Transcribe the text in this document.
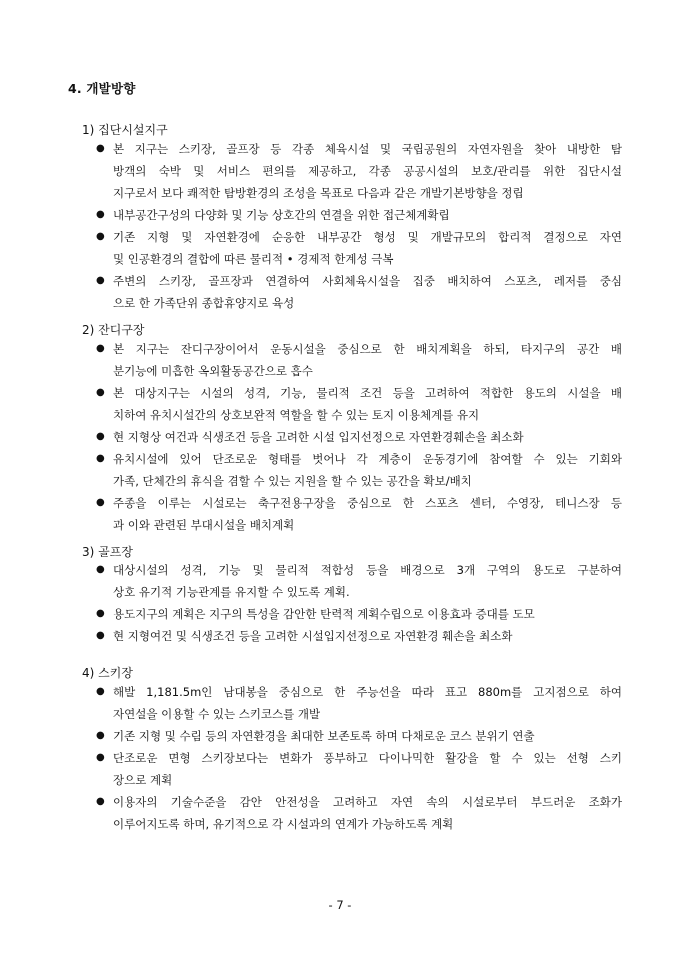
4. 개발방향
1) 집단시설지구
● 본 지구는 스키장, 골프장 등 각종 체육시설 및 국립공원의 자연자원을 찾아 내방한 탐
방객의 숙박 및 서비스 편의를 제공하고, 각종 공공시설의 보호/관리를 위한 집단시설
지구로서 보다 쾌적한 탐방환경의 조성을 목표로 다음과 같은 개발기본방향을 정립
● 내부공간구성의 다양화 및 기능 상호간의 연결을 위한 접근체계확립
● 기존 지형 및 자연환경에 순응한 내부공간 형성 및 개발규모의 합리적 결정으로 자연
및 인공환경의 결합에 따른 물리적 • 경제적 한계성 극복
● 주변의 스키장, 골프장과 연결하여 사회체육시설을 집중 배치하여 스포츠, 레저를 중심
으로 한 가족단위 종합휴양지로 육성
2) 잔디구장
● 본 지구는 잔디구장이어서 운동시설을 중심으로 한 배치계획을 하되, 타지구의 공간 배
분기능에 미흡한 옥외활동공간으로 흡수
● 본 대상지구는 시설의 성격, 기능, 물리적 조건 등을 고려하여 적합한 용도의 시설을 배
치하여 유치시설간의 상호보완적 역할을 할 수 있는 토지 이용체계를 유지
● 현 지형상 여건과 식생조건 등을 고려한 시설 입지선정으로 자연환경훼손을 최소화
● 유치시설에 있어 단조로운 형태를 벗어나 각 계층이 운동경기에 참여할 수 있는 기회와
가족, 단체간의 휴식을 겸할 수 있는 지원을 할 수 있는 공간을 확보/배치
● 주종을 이루는 시설로는 축구전용구장을 중심으로 한 스포츠 센터, 수영장, 테니스장 등
과 이와 관련된 부대시설을 배치계획
3) 골프장
● 대상시설의 성격, 기능 및 물리적 적합성 등을 배경으로 3개 구역의 용도로 구분하여
상호 유기적 기능관계를 유지할 수 있도록 계획.
● 용도지구의 계획은 지구의 특성을 감안한 탄력적 계획수립으로 이용효과 증대를 도모
● 현 지형여건 및 식생조건 등을 고려한 시설입지선정으로 자연환경 훼손을 최소화
4) 스키장
● 해발 1,181.5m인 남대봉을 중심으로 한 주능선을 따라 표고 880m를 고지점으로 하여
자연설을 이용할 수 있는 스키코스를 개발
● 기존 지형 및 수림 등의 자연환경을 최대한 보존토록 하며 다채로운 코스 분위기 연출
● 단조로운 면형 스키장보다는 변화가 풍부하고 다이나믹한 활강을 할 수 있는 선형 스키
장으로 계획
● 이용자의 기술수준을 감안 안전성을 고려하고 자연 속의 시설로부터 부드러운 조화가
이루어지도록 하며, 유기적으로 각 시설과의 연계가 가능하도록 계획
- 7 -
